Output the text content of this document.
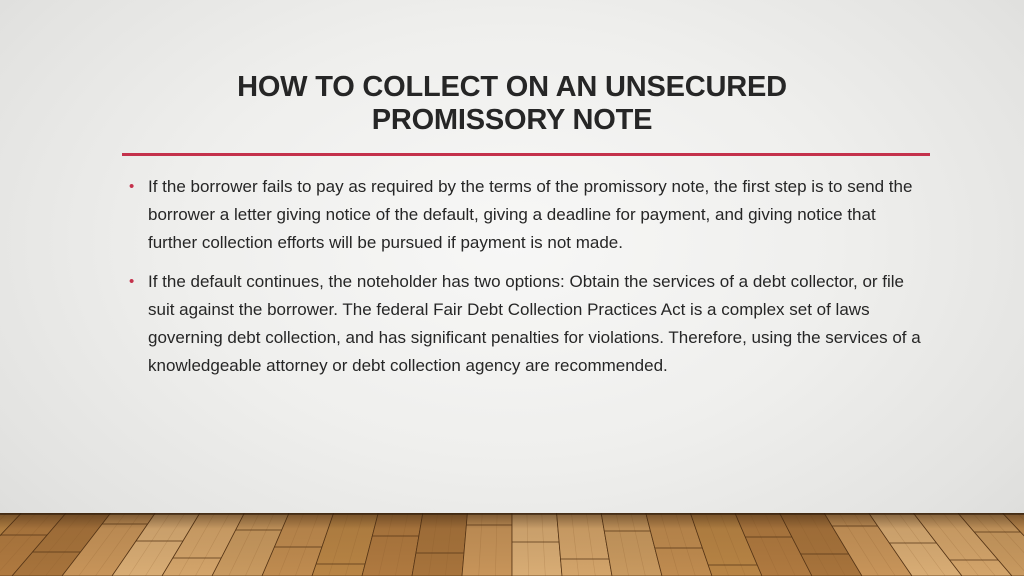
HOW TO COLLECT ON AN UNSECURED
PROMISSORY NOTE
• If the borrower fails to pay as required by the terms of the promissory note, the first step is to send the borrower a letter giving notice of the default, giving a deadline for payment, and giving notice that further collection efforts will be pursued if payment is not made.
• If the default continues, the noteholder has two options: Obtain the services of a debt collector, or file suit against the borrower. The federal Fair Debt Collection Practices Act is a complex set of laws governing debt collection, and has significant penalties for violations. Therefore, using the services of a knowledgeable attorney or debt collection agency are recommended.
